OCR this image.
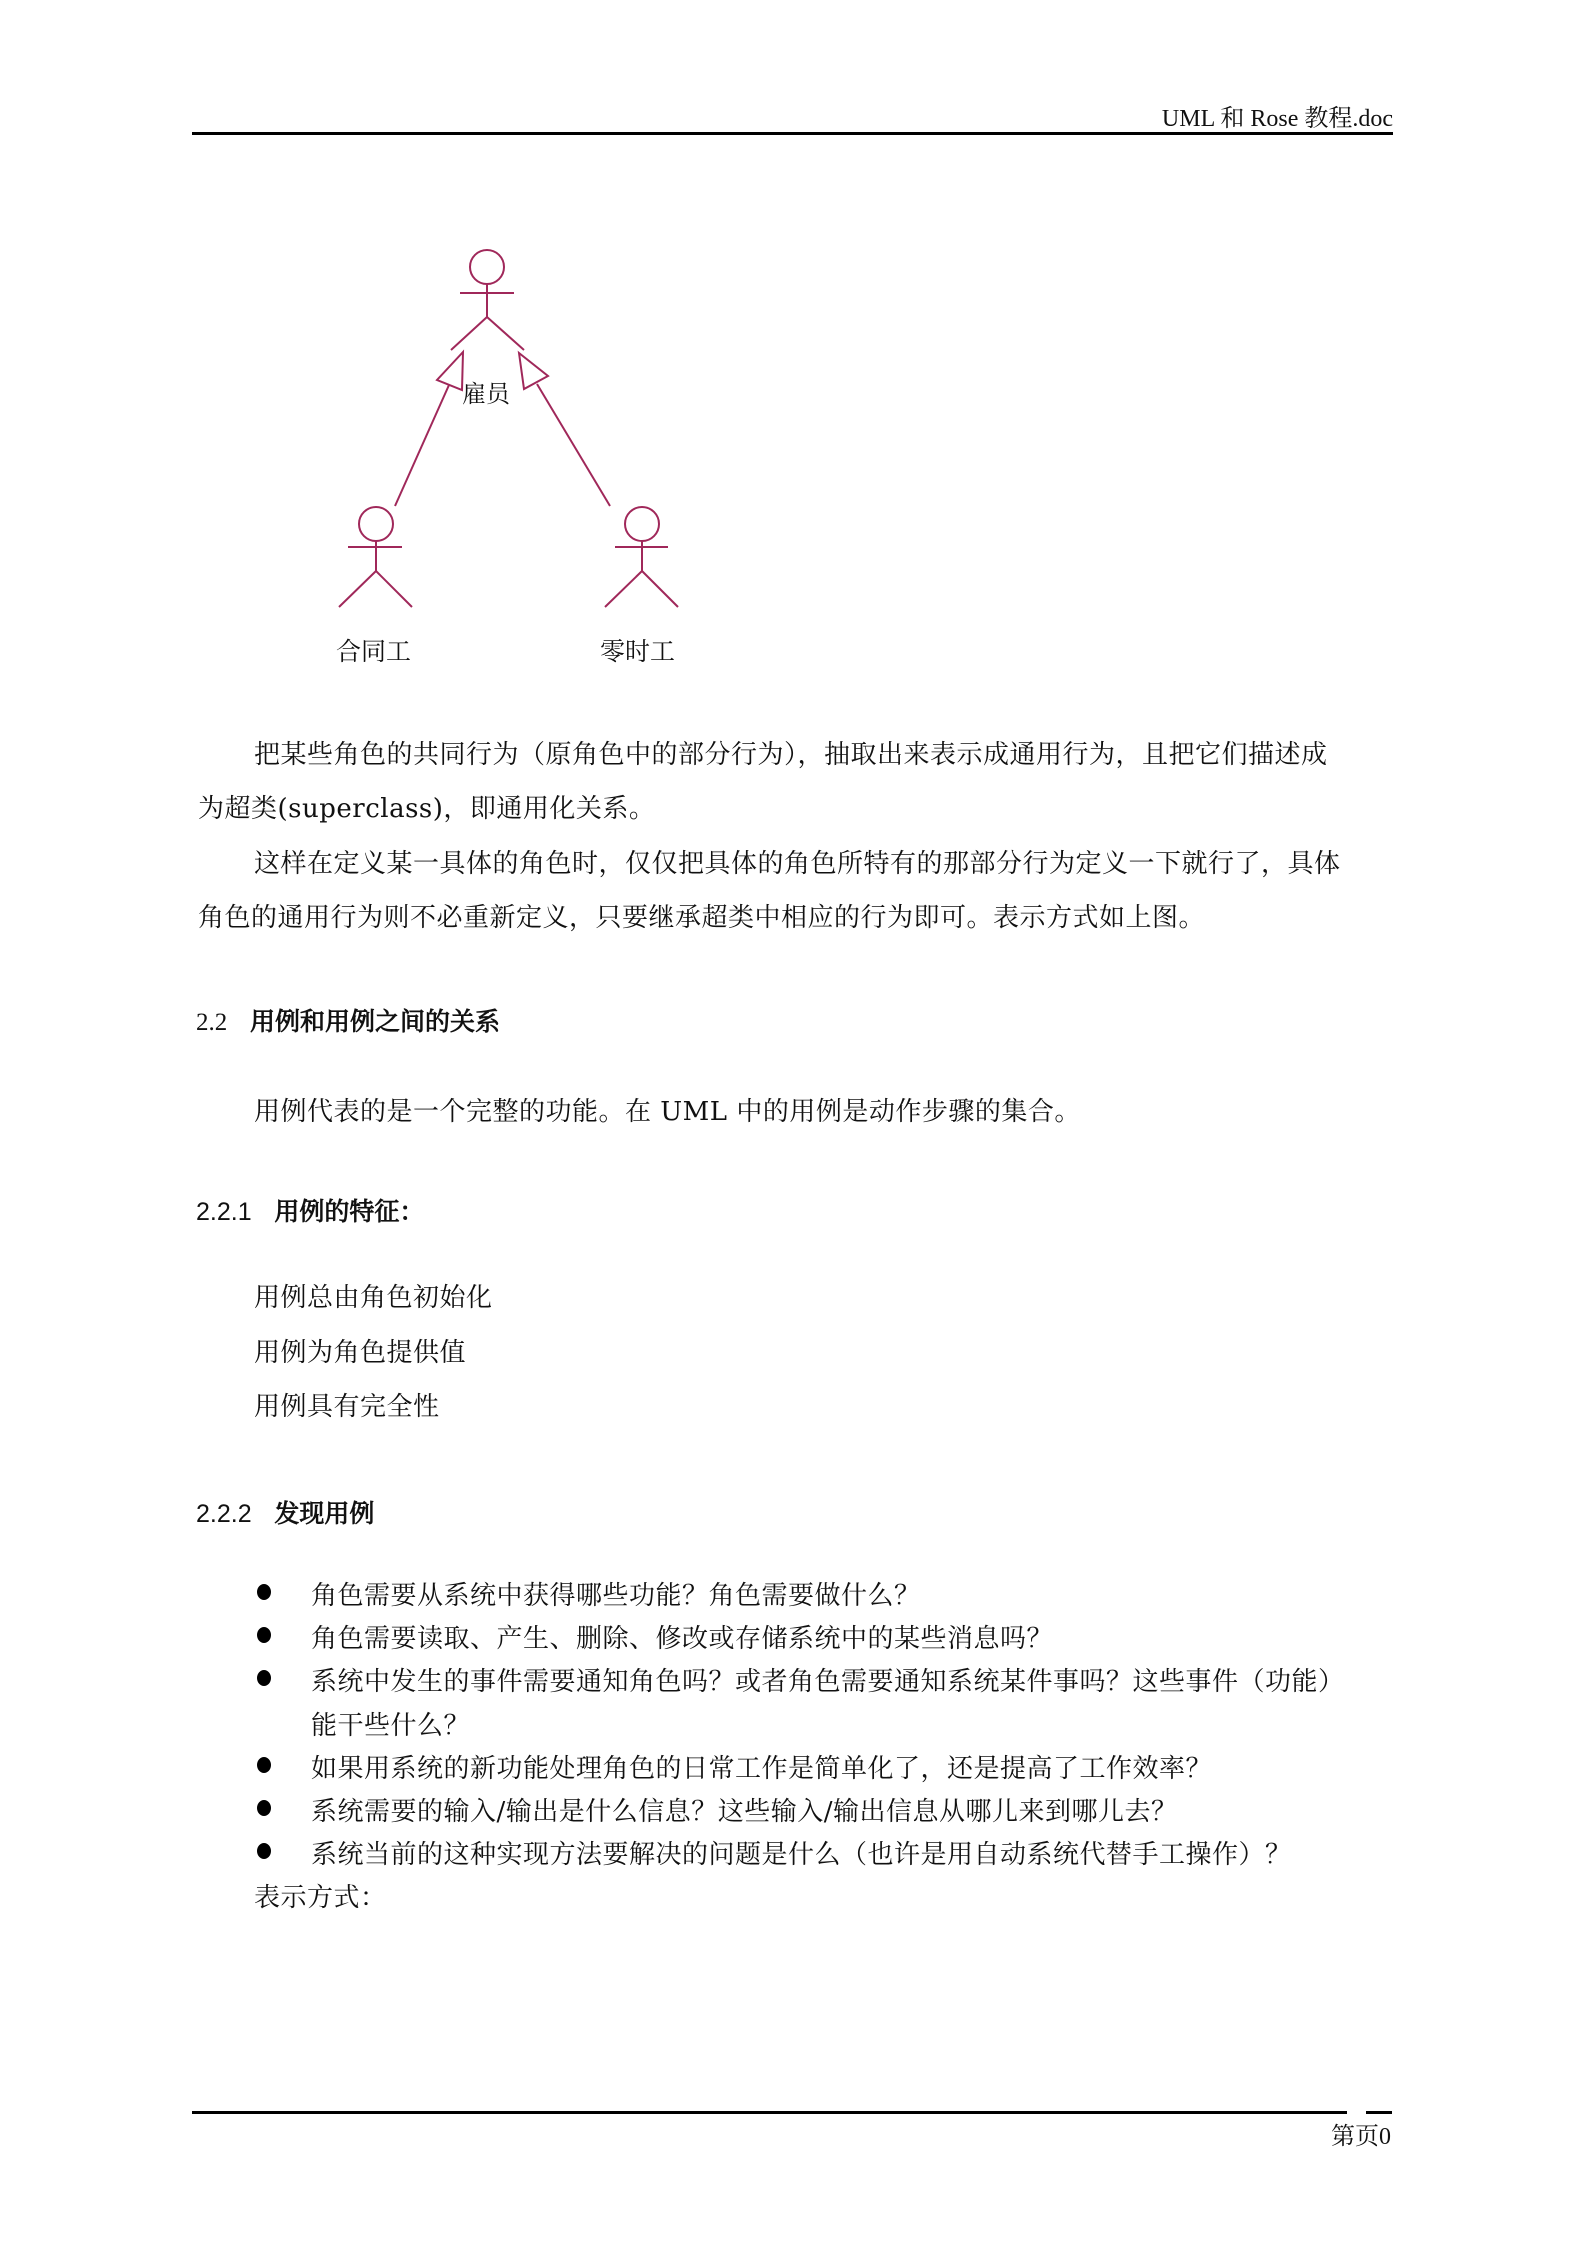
UML 和 Rose 教程.doc
雇员
合同工	零时工
把某些角色的共同行为（原角色中的部分行为），抽取出来表示成通用行为，且把它们描述成
为超类(superclass)，即通用化关系。
这样在定义某一具体的角色时，仅仅把具体的角色所特有的那部分行为定义一下就行了，具体
角色的通用行为则不必重新定义，只要继承超类中相应的行为即可。表示方式如上图。
2.2 用例和用例之间的关系
用例代表的是一个完整的功能。在 UML 中的用例是动作步骤的集合。
2.2.1 用例的特征：
用例总由角色初始化
用例为角色提供值
用例具有完全性
2.2.2 发现用例
角色需要从系统中获得哪些功能？角色需要做什么？
角色需要读取、产生、删除、修改或存储系统中的某些消息吗？
系统中发生的事件需要通知角色吗？或者角色需要通知系统某件事吗？这些事件（功能）
能干些什么？
如果用系统的新功能处理角色的日常工作是简单化了，还是提高了工作效率？
系统需要的输入/输出是什么信息？这些输入/输出信息从哪儿来到哪儿去？
系统当前的这种实现方法要解决的问题是什么（也许是用自动系统代替手工操作）？
表示方式：
第页0
